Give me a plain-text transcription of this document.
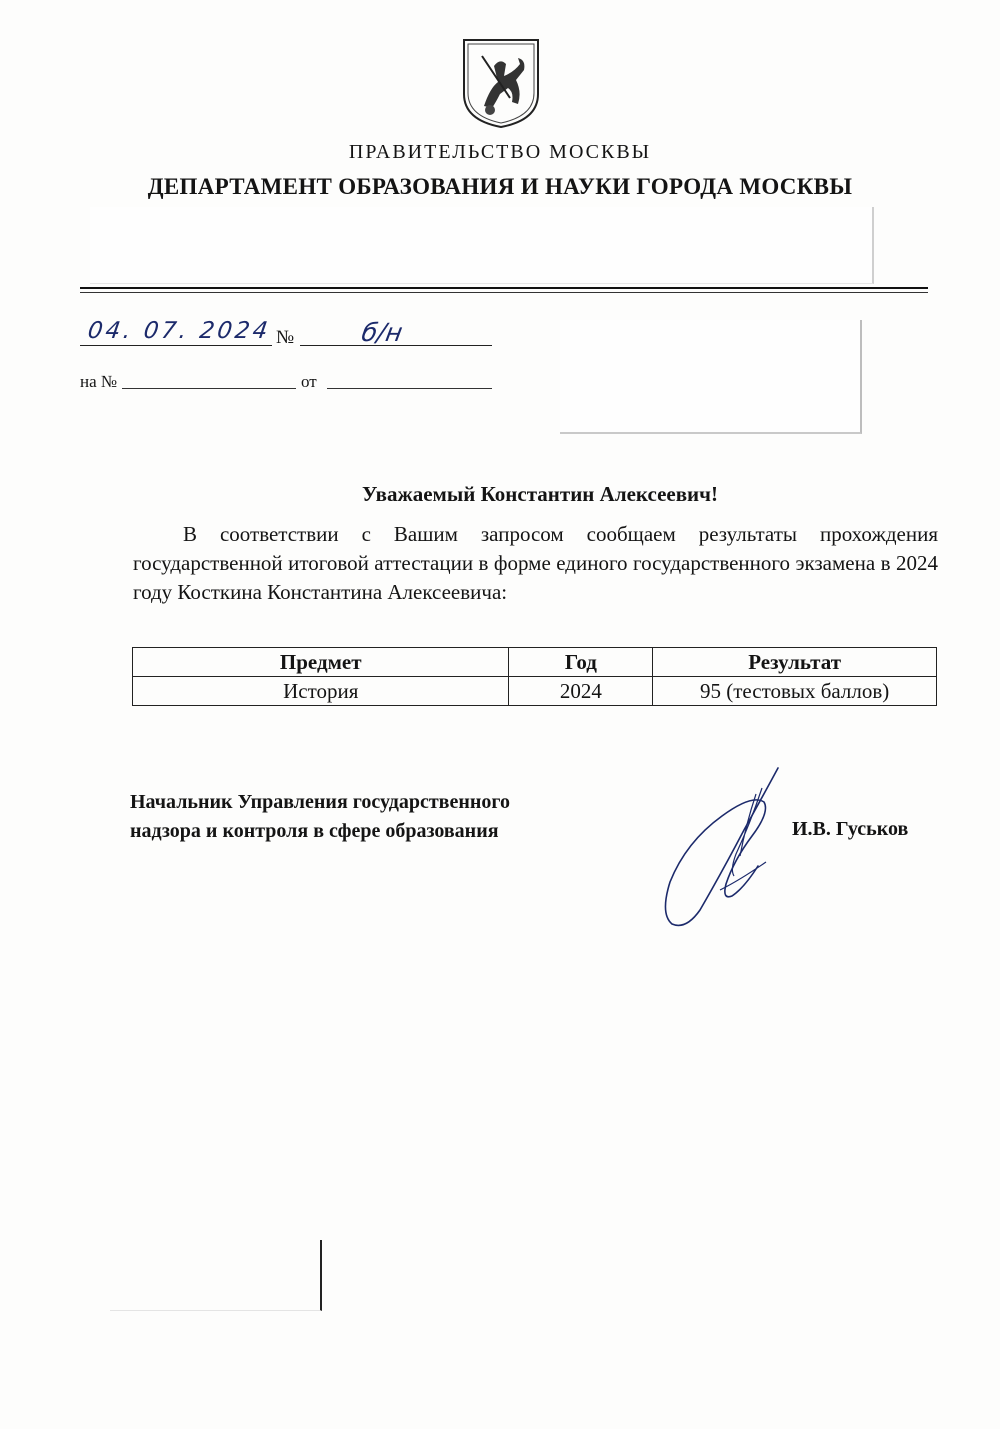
ПРАВИТЕЛЬСТВО МОСКВЫ
ДЕПАРТАМЕНТ ОБРАЗОВАНИЯ И НАУКИ ГОРОДА МОСКВЫ
04. 07. 2024 №	б/н
на №	от
Уважаемый Константин Алексеевич!
В соответствии с Вашим запросом сообщаем результаты прохождения государственной итоговой аттестации в форме единого государственного экзамена в 2024 году Косткина Константина Алексеевича:
Предмет	Год	Результат
История	2024	95 (тестовых баллов)
Начальник Управления государственного
надзора и контроля в сфере образования	И.В. Гуськов
